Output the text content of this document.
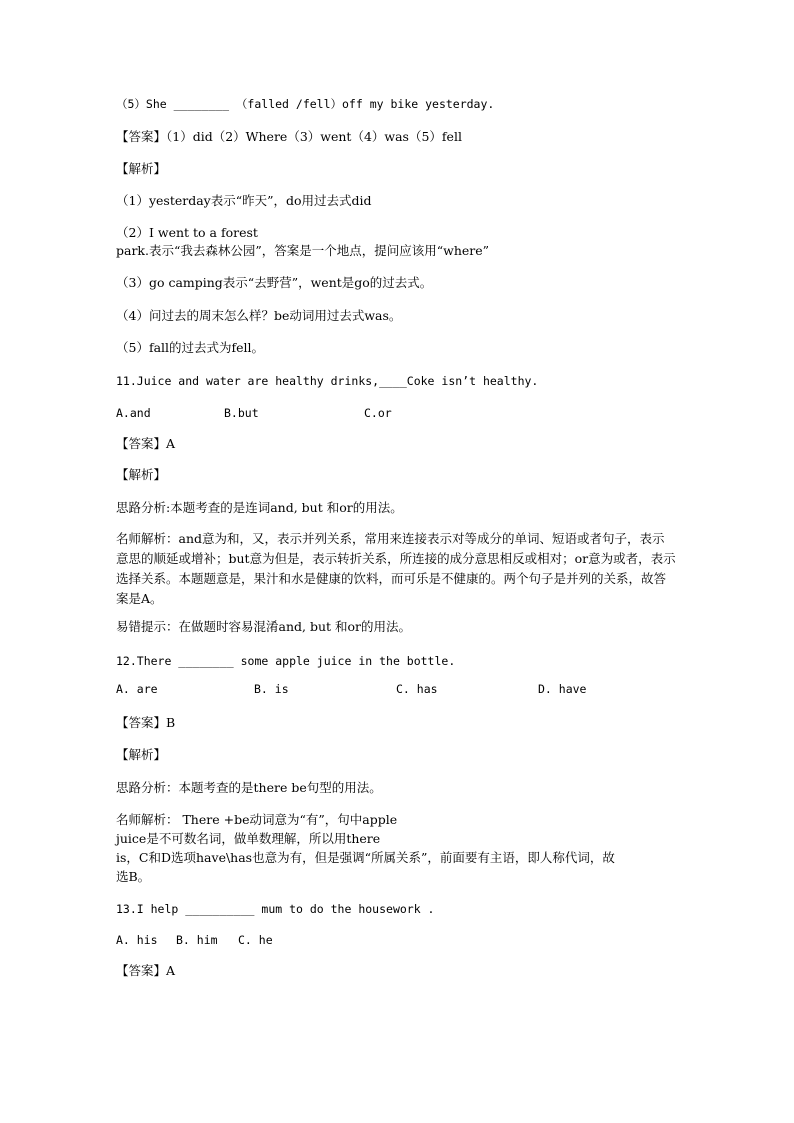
（5）She ________ （falled /fell）off my bike yesterday.
【答案】（1）did（2）Where（3）went（4）was（5）fell
【解析】
（1）yesterday表示“昨天”，do用过去式did
（2）I went to a forest
park.表示“我去森林公园”，答案是一个地点，提问应该用“where”
（3）go camping表示“去野营”，went是go的过去式。
（4）问过去的周末怎么样？be动词用过去式was。
（5）fall的过去式为fell。
11.Juice and water are healthy drinks,____Coke isn’t healthy.
A.and	B.but	C.or
【答案】A
【解析】
思路分析:本题考查的是连词and, but 和or的用法。
名师解析：and意为和，又，表示并列关系，常用来连接表示对等成分的单词、短语或者句子，表示意思的顺延或增补；but意为但是，表示转折关系，所连接的成分意思相反或相对；or意为或者，表示选择关系。本题题意是，果汁和水是健康的饮料，而可乐是不健康的。两个句子是并列的关系，故答案是A。
易错提示：在做题时容易混淆and, but 和or的用法。
12.There ________ some apple juice in the bottle.
A. are	B. is	C. has	D. have
【答案】B
【解析】
思路分析：本题考查的是there be句型的用法。
名师解析： There +be动词意为“有”，句中apple
juice是不可数名词，做单数理解，所以用there
is，C和D选项have\has也意为有，但是强调“所属关系”，前面要有主语，即人称代词，故
选B。
13.I help __________ mum to do the housework .
A. his B. him C. he
【答案】A
